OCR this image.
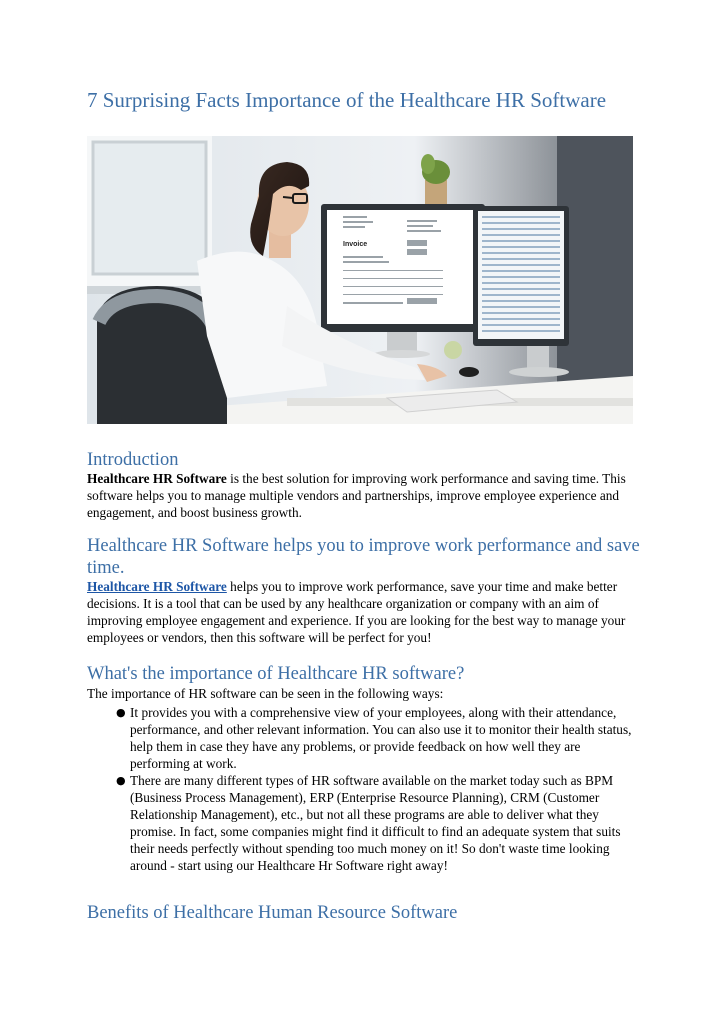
7 Surprising Facts Importance of the Healthcare HR Software
Invoice
Introduction
Healthcare HR Software is the best solution for improving work performance and saving time. This software helps you to manage multiple vendors and partnerships, improve employee experience and engagement, and boost business growth.
Healthcare HR Software helps you to improve work performance and save time.
Healthcare HR Software helps you to improve work performance, save your time and make better decisions. It is a tool that can be used by any healthcare organization or company with an aim of improving employee engagement and experience. If you are looking for the best way to manage your employees or vendors, then this software will be perfect for you!
What's the importance of Healthcare HR software?
The importance of HR software can be seen in the following ways:
● It provides you with a comprehensive view of your employees, along with their attendance, performance, and other relevant information. You can also use it to monitor their health status, help them in case they have any problems, or provide feedback on how well they are performing at work.
● There are many different types of HR software available on the market today such as BPM (Business Process Management), ERP (Enterprise Resource Planning), CRM (Customer Relationship Management), etc., but not all these programs are able to deliver what they promise. In fact, some companies might find it difficult to find an adequate system that suits their needs perfectly without spending too much money on it! So don't waste time looking around - start using our Healthcare Hr Software right away!
Benefits of Healthcare Human Resource Software
